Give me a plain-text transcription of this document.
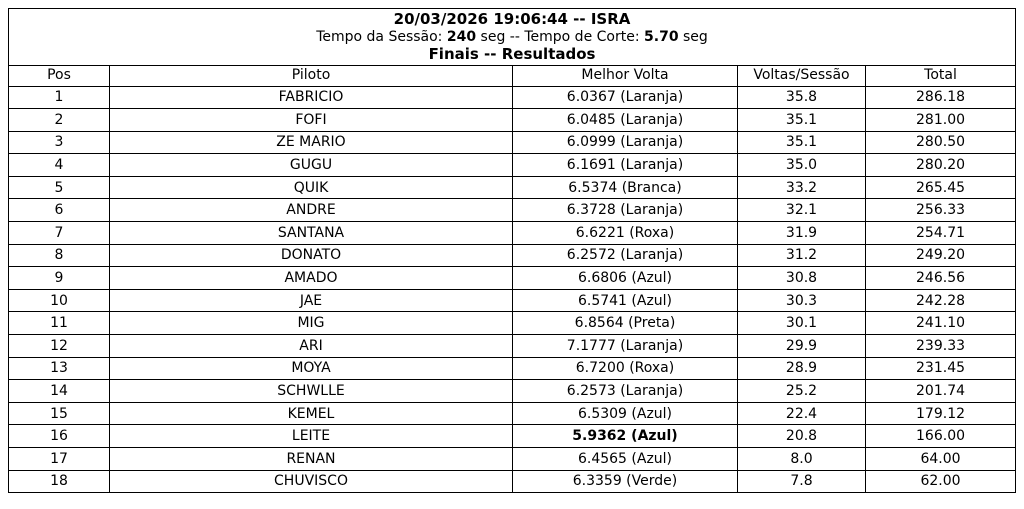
20/03/2026 19:06:44 -- ISRA
Tempo da Sessão: 240 seg -- Tempo de Corte: 5.70 seg
Finais -- Resultados				

Pos	Piloto	Melhor Volta	Voltas/Sessão	Total
1	FABRICIO	6.0367 (Laranja)	35.8	286.18
2	FOFI	6.0485 (Laranja)	35.1	281.00
3	ZE MARIO	6.0999 (Laranja)	35.1	280.50
4	GUGU	6.1691 (Laranja)	35.0	280.20
5	QUIK	6.5374 (Branca)	33.2	265.45
6	ANDRE	6.3728 (Laranja)	32.1	256.33
7	SANTANA	6.6221 (Roxa)	31.9	254.71
8	DONATO	6.2572 (Laranja)	31.2	249.20
9	AMADO	6.6806 (Azul)	30.8	246.56
10	JAE	6.5741 (Azul)	30.3	242.28
11	MIG	6.8564 (Preta)	30.1	241.10
12	ARI	7.1777 (Laranja)	29.9	239.33
13	MOYA	6.7200 (Roxa)	28.9	231.45
14	SCHWLLE	6.2573 (Laranja)	25.2	201.74
15	KEMEL	6.5309 (Azul)	22.4	179.12
16	LEITE	5.9362 (Azul)	20.8	166.00
17	RENAN	6.4565 (Azul)	8.0	64.00
18	CHUVISCO	6.3359 (Verde)	7.8	62.00
